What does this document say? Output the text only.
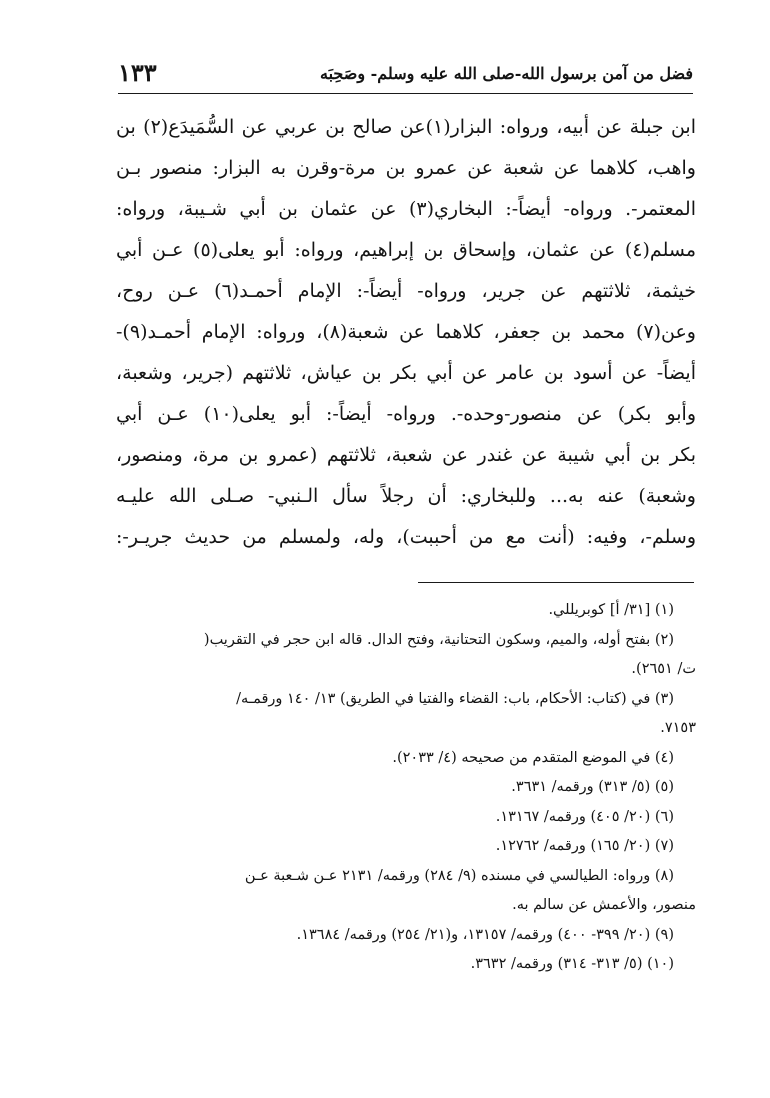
فضل من آمن برسول الله-صلى الله عليه وسلم- وصَحِبَه
١٣٣
ابن جبلة عن أبيه، ورواه: البزار(١)عن صالح بن عربي عن السُّمَيدَع(٢) بن
واهب، كلاهما عن شعبة عن عمرو بن مرة-وقرن به البزار: منصور بـن
المعتمر-. ورواه- أيضاً-: البخاري(٣) عن عثمان بن أبي شـيبة، ورواه:
مسلم(٤) عن عثمان، وإسحاق بن إبراهيم، ورواه: أبو يعلى(٥) عـن أبي
خيثمة، ثلاثتهم عن جرير، ورواه- أيضاً-: الإمام أحمـد(٦) عـن روح،
وعن(٧) محمد بن جعفر، كلاهما عن شعبة(٨)، ورواه: الإمام أحمـد(٩)-
أيضاً- عن أسود بن عامر عن أبي بكر بن عياش، ثلاثتهم (جرير، وشعبة،
وأبو بكر) عن منصور-وحده-. ورواه- أيضاً-: أبو يعلى(١٠) عـن أبي
بكر بن أبي شيبة عن غندر عن شعبة، ثلاثتهم (عمرو بن مرة، ومنصور،
وشعبة) عنه به... وللبخاري: أن رجلاً سأل الـنبي- صـلى الله عليـه
وسلم-، وفيه: (أنت مع من أحببت)، وله، ولمسلم من حديث جريـر-:
(١) [٣١/ أ] كوبريللي.
(٢) بفتح أوله، والميم، وسكون التحتانية، وفتح الدال. قاله ابن حجر في التقريب(
ت/ ٢٦٥١).
(٣) في (كتاب: الأحكام، باب: القضاء والفتيا في الطريق) ١٣/ ١٤٠ ورقمـه/
٧١٥٣.
(٤) في الموضع المتقدم من صحيحه (٤/ ٢٠٣٣).
(٥) (٥/ ٣١٣) ورقمه/ ٣٦٣١.
(٦) (٢٠/ ٤٠٥) ورقمه/ ١٣١٦٧.
(٧) (٢٠/ ١٦٥) ورقمه/ ١٢٧٦٢.
(٨) ورواه: الطيالسي في مسنده (٩/ ٢٨٤) ورقمه/ ٢١٣١ عـن شـعبة عـن
منصور، والأعمش عن سالم به.
(٩) (٢٠/ ٣٩٩- ٤٠٠) ورقمه/ ١٣١٥٧، و(٢١/ ٢٥٤) ورقمه/ ١٣٦٨٤.
(١٠) (٥/ ٣١٣- ٣١٤) ورقمه/ ٣٦٣٢.
